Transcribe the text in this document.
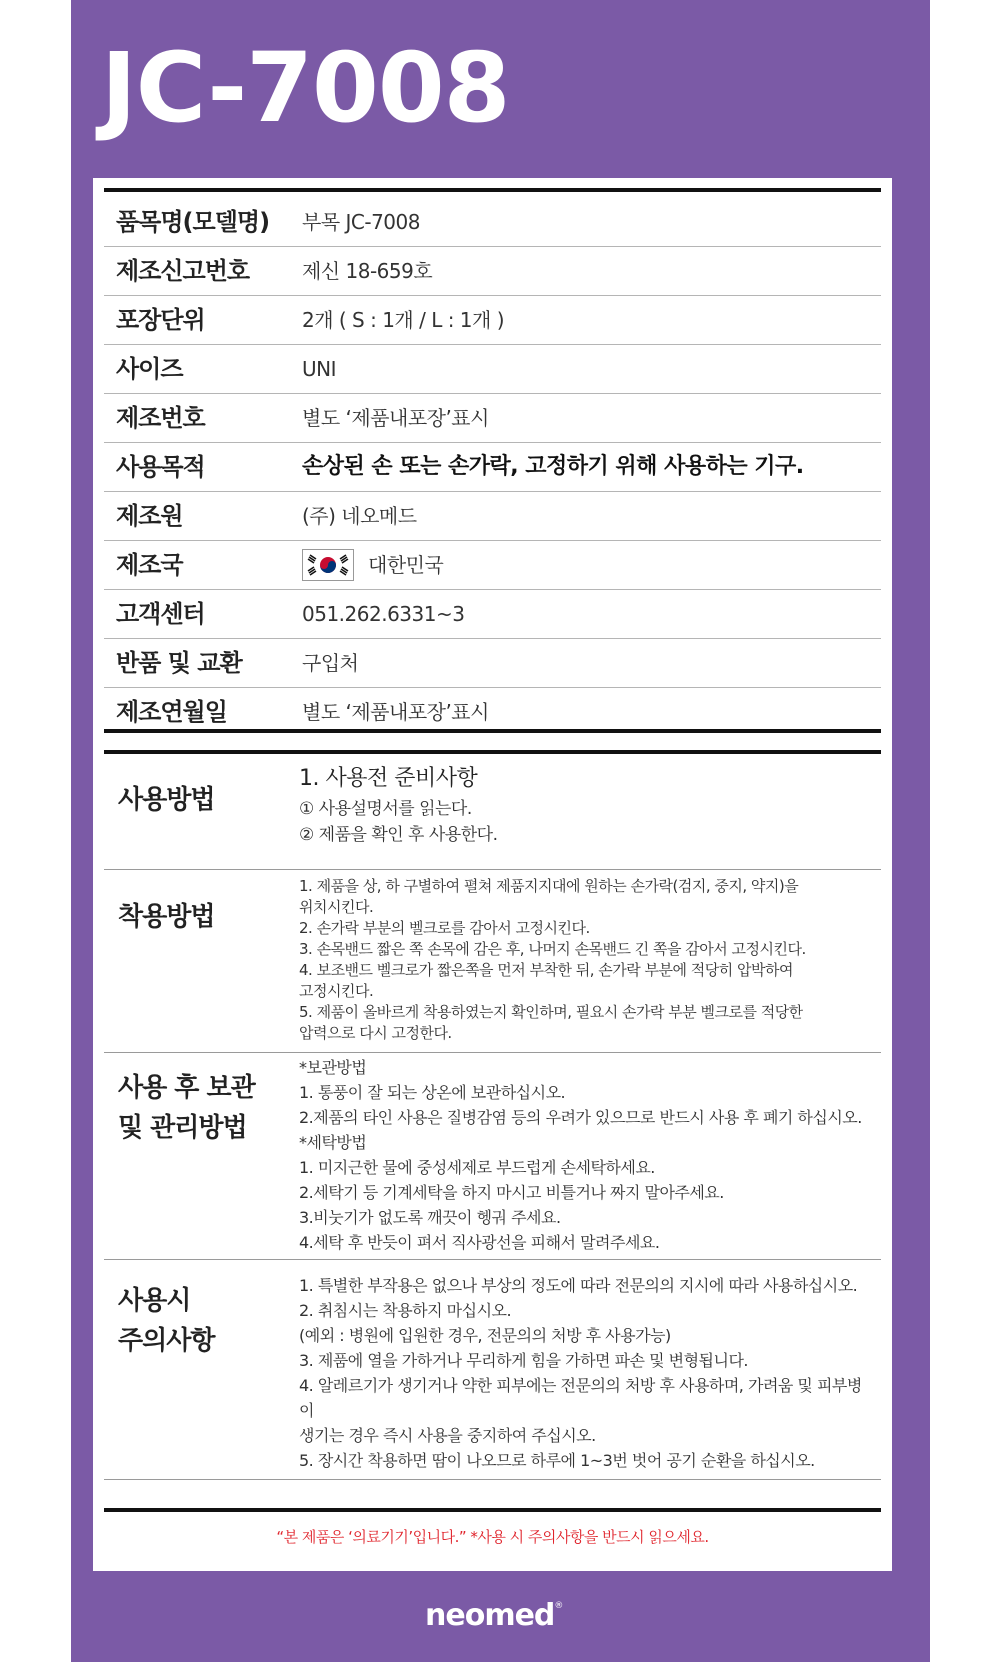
JC-7008
품목명(모델명) 부목 JC-7008
제조신고번호	제신 18-659호
포장단위	2개 ( S : 1개 / L : 1개 )
사이즈	UNI
제조번호	별도 ‘제품내포장’표시
사용목적	손상된 손 또는 손가락, 고정하기 위해 사용하는 기구.
제조원	(주) 네오메드
제조국	대한민국
고객센터	051.262.6331~3
반품 및 교환	구입처
제조연월일	별도 ‘제품내포장’표시
사용방법
1. 사용전 준비사항
① 사용설명서를 읽는다.
② 제품을 확인 후 사용한다.
착용방법
1. 제품을 상, 하 구별하여 펼쳐 제품지지대에 원하는 손가락(검지, 중지, 약지)을
위치시킨다.
2. 손가락 부분의 벨크로를 감아서 고정시킨다.
3. 손목밴드 짧은 쪽 손목에 감은 후, 나머지 손목밴드 긴 쪽을 감아서 고정시킨다.
4. 보조밴드 벨크로가 짧은쪽을 먼저 부착한 뒤, 손가락 부분에 적당히 압박하여
고정시킨다.
5. 제품이 올바르게 착용하였는지 확인하며, 필요시 손가락 부분 벨크로를 적당한
압력으로 다시 고정한다.
사용 후 보관
및 관리방법
*보관방법
1. 통풍이 잘 되는 상온에 보관하십시오.
2.제품의 타인 사용은 질병감염 등의 우려가 있으므로 반드시 사용 후 폐기 하십시오.
*세탁방법
1. 미지근한 물에 중성세제로 부드럽게 손세탁하세요.
2.세탁기 등 기계세탁을 하지 마시고 비틀거나 짜지 말아주세요.
3.비눗기가 없도록 깨끗이 헹궈 주세요.
4.세탁 후 반듯이 펴서 직사광선을 피해서 말려주세요.
사용시
주의사항
1. 특별한 부작용은 없으나 부상의 정도에 따라 전문의의 지시에 따라 사용하십시오.
2. 취침시는 착용하지 마십시오.
(예외 : 병원에 입원한 경우, 전문의의 처방 후 사용가능)
3. 제품에 열을 가하거나 무리하게 힘을 가하면 파손 및 변형됩니다.
4. 알레르기가 생기거나 약한 피부에는 전문의의 처방 후 사용하며, 가려움 및 피부병이
생기는 경우 즉시 사용을 중지하여 주십시오.
5. 장시간 착용하면 땀이 나오므로 하루에 1~3번 벗어 공기 순환을 하십시오.
“본 제품은 ‘의료기기’입니다.” *사용 시 주의사항을 반드시 읽으세요.
neomed®
